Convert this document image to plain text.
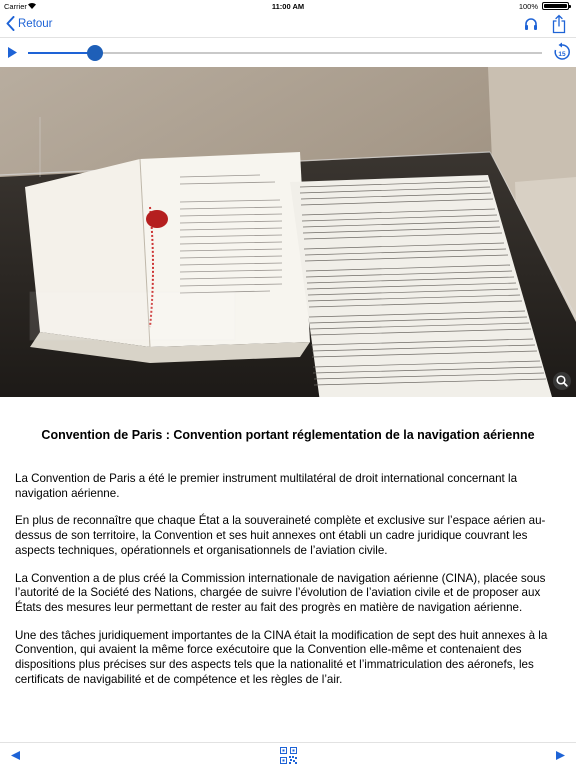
Carrier	11:00 AM	100%
Retour
15
Convention de Paris : Convention portant réglementation de la navigation aérienne

La Convention de Paris a été le premier instrument multilatéral de droit international concernant la navigation aérienne.

En plus de reconnaître que chaque État a la souveraineté complète et exclusive sur l’espace aérien au-dessus de son territoire, la Convention et ses huit annexes ont établi un cadre juridique couvrant les aspects techniques, opérationnels et organisationnels de l’aviation civile.

La Convention a de plus créé la Commission internationale de navigation aérienne (CINA), placée sous l’autorité de la Société des Nations, chargée de suivre l’évolution de l’aviation civile et de proposer aux États des mesures leur permettant de rester au fait des progrès en matière de navigation aérienne.

Une des tâches juridiquement importantes de la CINA était la modification de sept des huit annexes à la Convention, qui avaient la même force exécutoire que la Convention elle-même et contenaient des dispositions plus précises sur des aspects tels que la nationalité et l’immatriculation des aéronefs, les certificats de navigabilité et de compétence et les règles de l’air.
